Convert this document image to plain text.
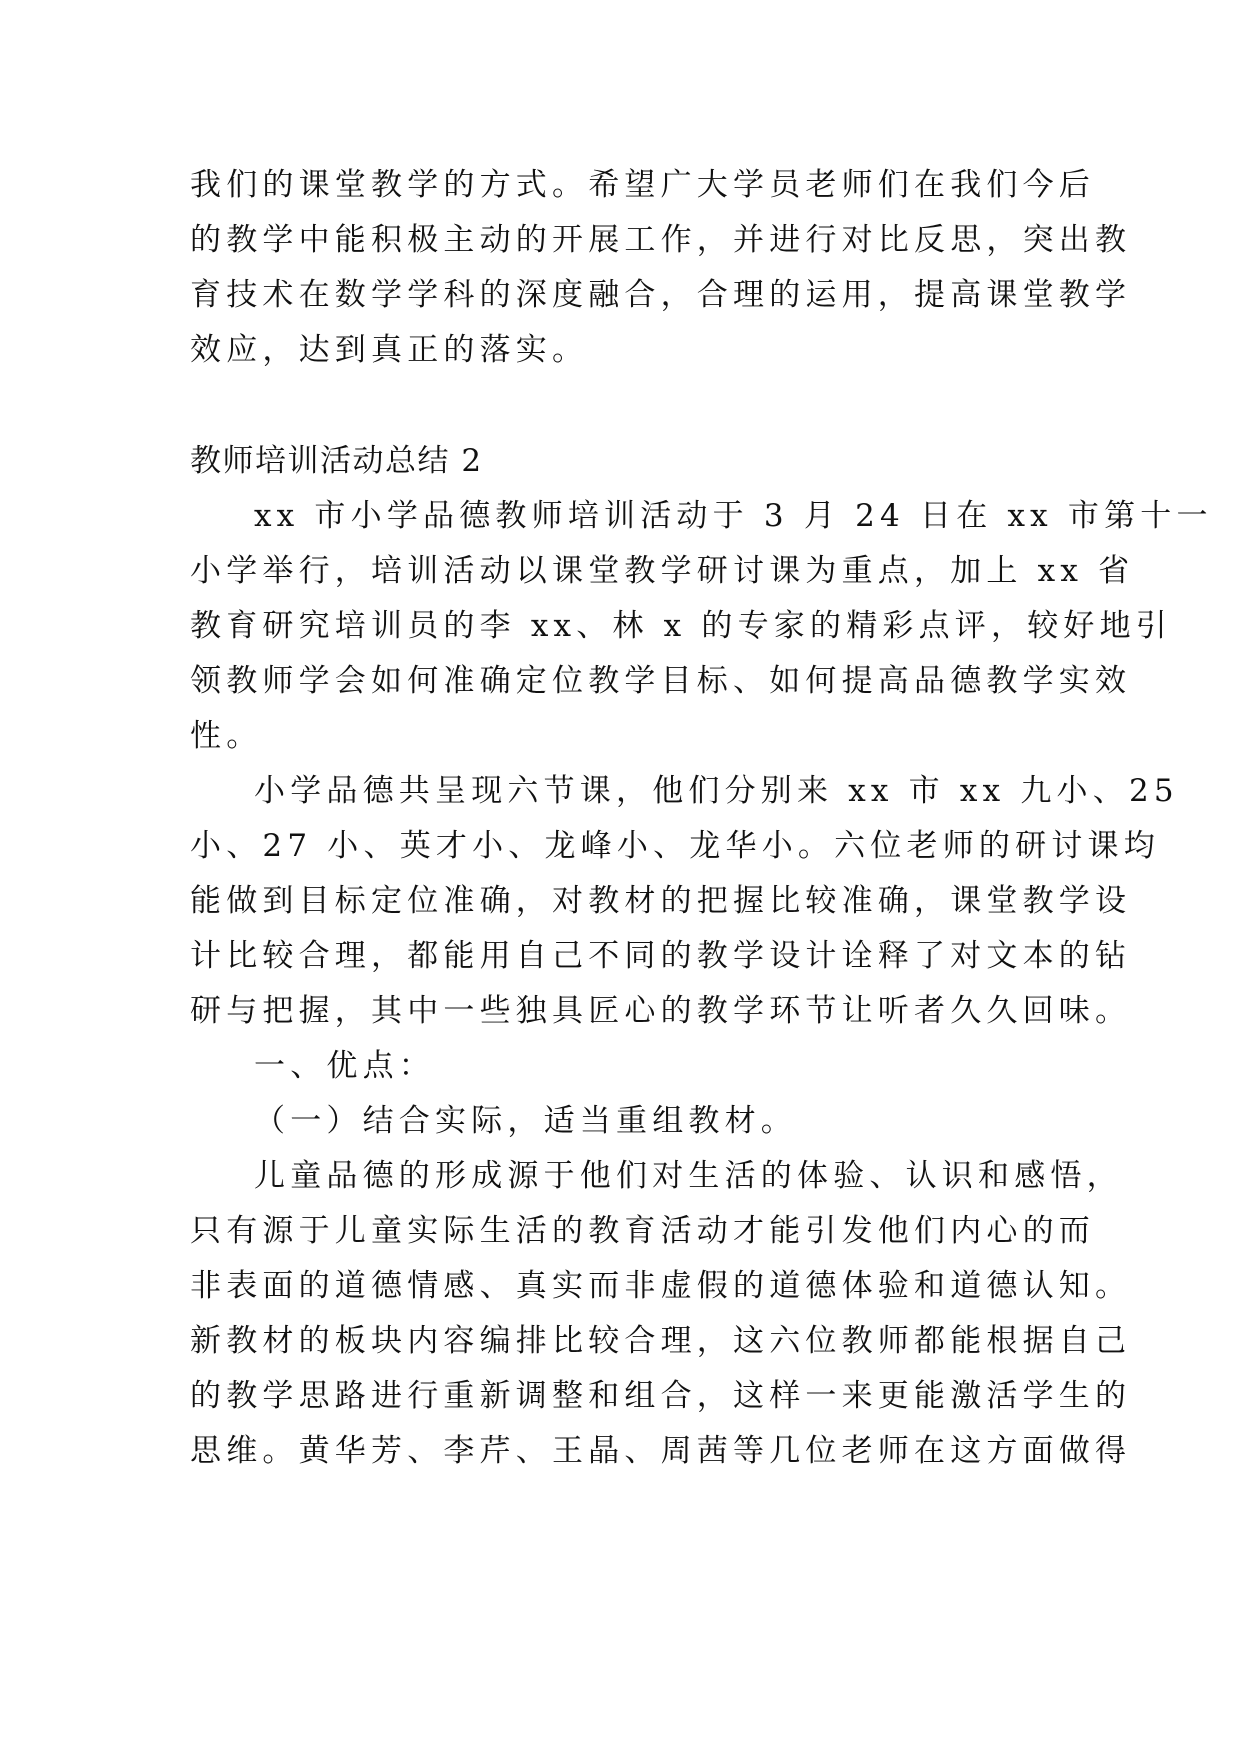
我们的课堂教学的方式。希望广大学员老师们在我们今后
的教学中能积极主动的开展工作，并进行对比反思，突出教
育技术在数学学科的深度融合，合理的运用，提高课堂教学
效应，达到真正的落实。
教师培训活动总结 2
xx 市小学品德教师培训活动于 3 月 24 日在 xx 市第十一
小学举行，培训活动以课堂教学研讨课为重点，加上 xx 省
教育研究培训员的李 xx、林 x 的专家的精彩点评，较好地引
领教师学会如何准确定位教学目标、如何提高品德教学实效
性。
小学品德共呈现六节课，他们分别来 xx 市 xx 九小、25
小、27 小、英才小、龙峰小、龙华小。六位老师的研讨课均
能做到目标定位准确，对教材的把握比较准确，课堂教学设
计比较合理，都能用自己不同的教学设计诠释了对文本的钻
研与把握，其中一些独具匠心的教学环节让听者久久回味。
一、优点：
（一）结合实际，适当重组教材。
儿童品德的形成源于他们对生活的体验、认识和感悟，
只有源于儿童实际生活的教育活动才能引发他们内心的而
非表面的道德情感、真实而非虚假的道德体验和道德认知。
新教材的板块内容编排比较合理，这六位教师都能根据自己
的教学思路进行重新调整和组合，这样一来更能激活学生的
思维。黄华芳、李芹、王晶、周茜等几位老师在这方面做得
